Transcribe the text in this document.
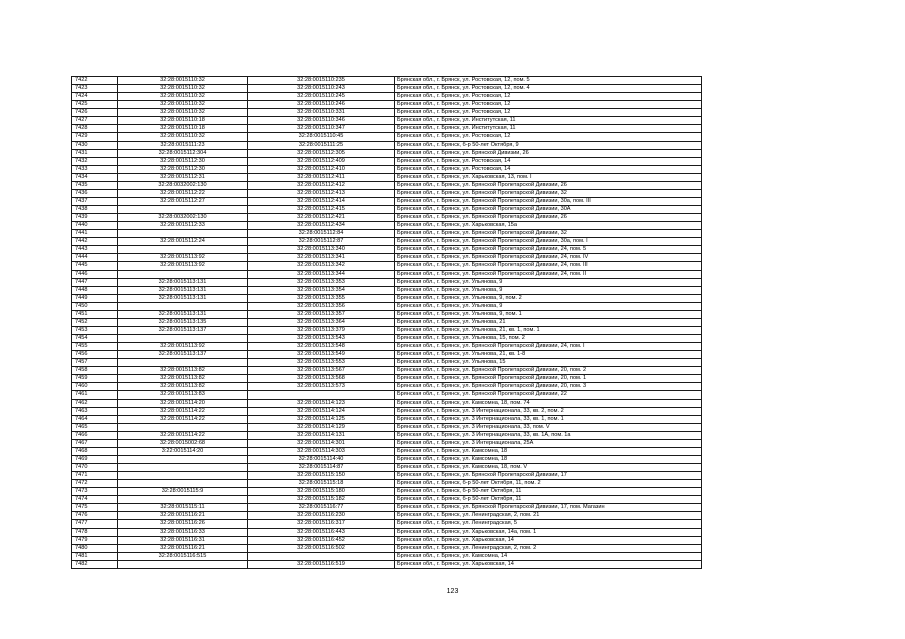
7422	32:28:0015110:32	32:28:0015110:235	Брянская обл., г. Брянск, ул. Ростовская, 12, пом. 5
7423	32:28:0015110:32	32:28:0015110:243	Брянская обл., г. Брянск, ул. Ростовская, 12, пом. 4
7424	32:28:0015110:32	32:28:0015110:245	Брянская обл., г. Брянск, ул. Ростовская, 12
7425	32:28:0015110:32	32:28:0015110:246	Брянская обл., г. Брянск, ул. Ростовская, 12
7426	32:28:0015110:32	32:28:0015110:331	Брянская обл., г. Брянск, ул. Ростовская, 12
7427	32:28:0015110:18	32:28:0015110:346	Брянская обл., г. Брянск, ул. Институтская, 11
7428	32:28:0015110:18	32:28:0015110:347	Брянская обл., г. Брянск, ул. Институтская, 11
7429	32:28:0015110:32	32:28:0015110:45	Брянская обл., г. Брянск, ул. Ростовская, 12
7430	32:28:0015111:23	32:28:0015111:25	Брянская обл., г. Брянск, б-р 50-лет Октября, 9
7431	32:28:0015112:304	32:28:0015112:305	Брянская обл., г. Брянск, ул. Брянской Дивизии, 26
7432	32:28:0015112:30	32:28:0015112:409	Брянская обл., г. Брянск, ул. Ростовская, 14
7433	32:28:0015112:30	32:28:0015112:410	Брянская обл., г. Брянск, ул. Ростовская, 14
7434	32:28:0015112:31	32:28:0015112:411	Брянская обл., г. Брянск, ул. Харьковская, 13, пом. I
7435	32:28:0032002:130	32:28:0015112:412	Брянская обл., г. Брянск, ул. Брянской Пролетарской Дивизии, 26
7436	32:28:0015112:22	32:28:0015112:413	Брянская обл., г. Брянск, ул. Брянской Пролетарской Дивизии, 32
7437	32:28:0015112:27	32:28:0015112:414	Брянская обл., г. Брянск, ул. Брянской Пролетарской Дивизии, 30а, пом. III
7438		32:28:0015112:415	Брянская обл., г. Брянск, ул. Брянской Пролетарской Дивизии, 30А
7439	32:28:0032002:130	32:28:0015112:421	Брянская обл., г. Брянск, ул. Брянской Пролетарской Дивизии, 26
7440	32:28:0015112:33	32:28:0015112:434	Брянская обл., г. Брянск, ул. Харьковская, 15а
7441		32:28:0015112:84	Брянская обл., г. Брянск, ул. Брянской Пролетарской Дивизии, 32
7442	32:28:0015112:24	32:28:0015112:87	Брянская обл., г. Брянск, ул. Брянской Пролетарской Дивизии, 30а, пом. I
7443		32:28:0015113:340	Брянская обл., г. Брянск, ул. Брянской Пролетарской Дивизии, 24, пом. 5
7444	32:28:0015113:92	32:28:0015113:341	Брянская обл., г. Брянск, ул. Брянской Пролетарской Дивизии, 24, пом. IV
7445	32:28:0015113:92	32:28:0015113:342	Брянская обл., г. Брянск, ул. Брянской Пролетарской Дивизии, 24, пом. III
7446		32:28:0015113:344	Брянская обл., г. Брянск, ул. Брянской Пролетарской Дивизии, 24, пом. II
7447	32:28:0015113:131	32:28:0015113:353	Брянская обл., г. Брянск, ул. Ульянова, 9
7448	32:28:0015113:131	32:28:0015113:354	Брянская обл., г. Брянск, ул. Ульянова, 9
7449	32:28:0015113:131	32:28:0015113:355	Брянская обл., г. Брянск, ул. Ульянова, 9, пом. 2
7450		32:28:0015113:356	Брянская обл., г. Брянск, ул. Ульянова, 9
7451	32:28:0015113:131	32:28:0015113:357	Брянская обл., г. Брянск, ул. Ульянова, 9, пом. 1
7452	32:28:0015113:135	32:28:0015113:364	Брянская обл., г. Брянск, ул. Ульянова, 21
7453	32:28:0015113:137	32:28:0015113:379	Брянская обл., г. Брянск, ул. Ульянова, 21, кв. 1, пом. 1
7454		32:28:0015113:543	Брянская обл., г. Брянск, ул. Ульянова, 15, пом. 2
7455	32:28:0015113:92	32:28:0015113:548	Брянская обл., г. Брянск, ул. Брянской Пролетарской Дивизии, 24, пом. I
7456	32:28:0015113:137	32:28:0015113:549	Брянская обл., г. Брянск, ул. Ульянова, 21, кв. 1-8
7457		32:28:0015113:553	Брянская обл., г. Брянск, ул. Ульянова, 15
7458	32:28:0015113:82	32:28:0015113:567	Брянская обл., г. Брянск, ул. Брянской Пролетарской Дивизии, 20, пом. 2
7459	32:28:0015113:82	32:28:0015113:568	Брянская обл., г. Брянск, ул. Брянской Пролетарской Дивизии, 20, пом. 1
7460	32:28:0015113:82	32:28:0015113:573	Брянская обл., г. Брянск, ул. Брянской Пролетарской Дивизии, 20, пом. 3
7461	32:28:0015113:83		Брянская обл., г. Брянск, ул. Брянской Пролетарской Дивизии, 22
7462	32:28:0015114:20	32:28:0015114:123	Брянская обл., г. Брянск, ул. Камсомна, 18, пом. 74
7463	32:28:0015114:22	32:28:0015114:124	Брянская обл., г. Брянск, ул. 3 Интернационала, 33, кв. 2, пом. 2
7464	32:28:0015114:22	32:28:0015114:125	Брянская обл., г. Брянск, ул. 3 Интернационала, 33, кв. 1, пом. 1
7465		32:28:0015114:129	Брянская обл., г. Брянск, ул. 3 Интернационала, 33, пом. V
7466	32:28:0015114:22	32:28:0015114:131	Брянская обл., г. Брянск, ул. 3 Интернационала, 33, кв. 1А, пом. 1а
7467	32:28:0015002:68	32:28:0015114:301	Брянская обл., г. Брянск, ул. 3 Интернационала, 25А
7468	3:22:0015114:20	32:28:0015114:303	Брянская обл., г. Брянск, ул. Камсомна, 18
7469		32:28:0015114:40	Брянская обл., г. Брянск, ул. Камсомна, 18
7470		32:28:0015114:87	Брянская обл., г. Брянск, ул. Камсомна, 18, пом. V
7471		32:28:0015115:150	Брянская обл., г. Брянск, ул. Брянской Пролетарской Дивизии, 17
7472		32:28:0015115:18	Брянская обл., г. Брянск, б-р 50-лет Октября, 11, пом. 2
7473	32:28:0015115:9	32:28:0015115:180	Брянская обл., г. Брянск, б-р 50-лет Октября, 11
7474		32:28:0015115:182	Брянская обл., г. Брянск, б-р 50-лет Октября, 11
7475	32:28:0015115:11	32:28:0015116:77	Брянская обл., г. Брянск, ул. Брянской Пролетарской Дивизии, 17, пом. Магазин
7476	32:28:0015116:21	32:28:0015116:230	Брянская обл., г. Брянск, ул. Ленинградская, 2, пом. 21
7477	32:28:0015116:26	32:28:0015116:317	Брянская обл., г. Брянск, ул. Ленинградская, 5
7478	32:28:0015116:33	32:28:0015116:443	Брянская обл., г. Брянск, ул. Харьковская, 14а, пом. 1
7479	32:28:0015116:31	32:28:0015116:452	Брянская обл., г. Брянск, ул. Харьковская, 14
7480	32:28:0015116:21	32:28:0015116:502	Брянская обл., г. Брянск, ул. Ленинградская, 2, пом. 2
7481	32:28:0015116:515		Брянская обл., г. Брянск, ул. Камсомна, 14
7482		32:28:0015116:519	Брянская обл., г. Брянск, ул. Харьковская, 14
123
